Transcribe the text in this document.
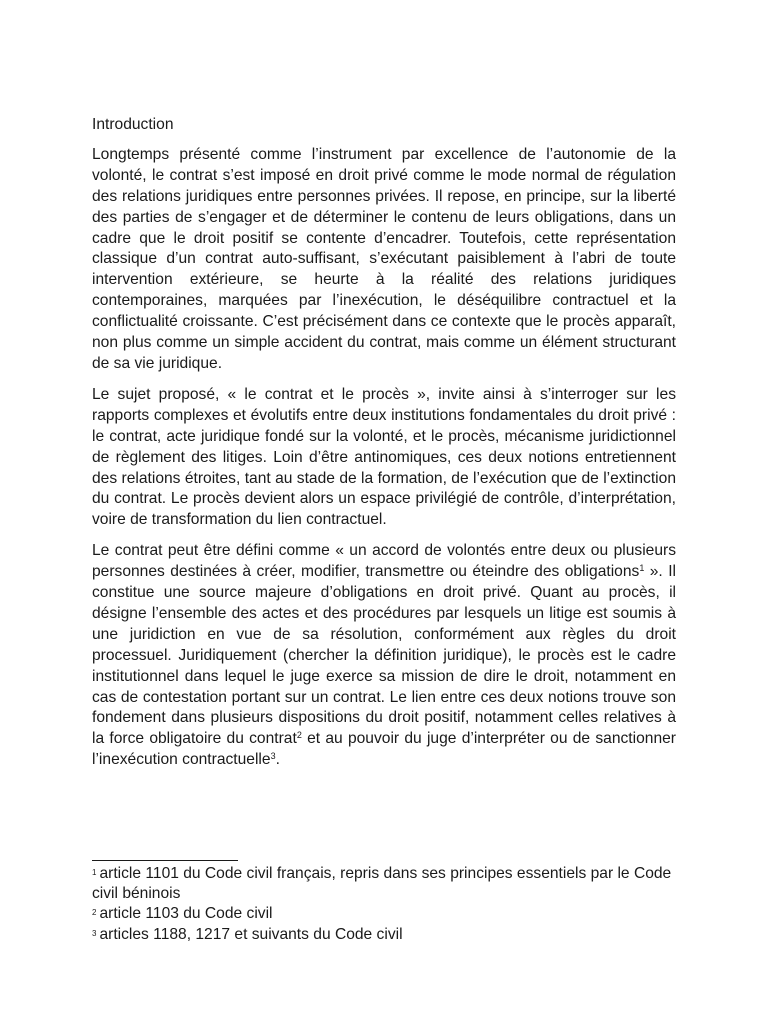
Introduction

Longtemps présenté comme l’instrument par excellence de l’autonomie de la volonté, le contrat s’est imposé en droit privé comme le mode normal de régulation des relations juridiques entre personnes privées. Il repose, en principe, sur la liberté des parties de s’engager et de déterminer le contenu de leurs obligations, dans un cadre que le droit positif se contente d’encadrer. Toutefois, cette représentation classique d’un contrat auto-suffisant, s’exécutant paisiblement à l’abri de toute intervention extérieure, se heurte à la réalité des relations juridiques contemporaines, marquées par l’inexécution, le déséquilibre contractuel et la conflictualité croissante. C’est précisément dans ce contexte que le procès apparaît, non plus comme un simple accident du contrat, mais comme un élément structurant de sa vie juridique.

Le sujet proposé, « le contrat et le procès », invite ainsi à s’interroger sur les rapports complexes et évolutifs entre deux institutions fondamentales du droit privé : le contrat, acte juridique fondé sur la volonté, et le procès, mécanisme juridictionnel de règlement des litiges. Loin d’être antinomiques, ces deux notions entretiennent des relations étroites, tant au stade de la formation, de l’exécution que de l’extinction du contrat. Le procès devient alors un espace privilégié de contrôle, d’interprétation, voire de transformation du lien contractuel.

Le contrat peut être défini comme « un accord de volontés entre deux ou plusieurs personnes destinées à créer, modifier, transmettre ou éteindre des obligations$^1$ ». Il constitue une source majeure d’obligations en droit privé. Quant au procès, il désigne l’ensemble des actes et des procédures par lesquels un litige est soumis à une juridiction en vue de sa résolution, conformément aux règles du droit processuel. Juridiquement (chercher la définition juridique), le procès est le cadre institutionnel dans lequel le juge exerce sa mission de dire le droit, notamment en cas de contestation portant sur un contrat. Le lien entre ces deux notions trouve son fondement dans plusieurs dispositions du droit positif, notamment celles relatives à la force obligatoire du contrat$^2$ et au pouvoir du juge d’interpréter ou de sanctionner l’inexécution contractuelle$^3$.

1 article 1101 du Code civil français, repris dans ses principes essentiels par le Code civil béninois

2 article 1103 du Code civil

3 articles 1188, 1217 et suivants du Code civil
